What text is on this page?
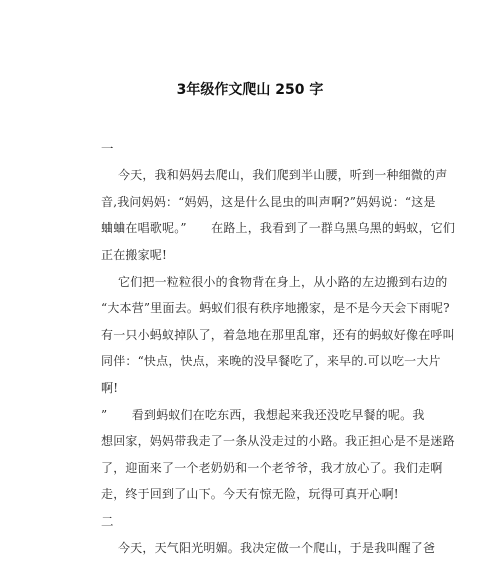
3年级作文爬山 250 字
一
今天，我和妈妈去爬山，我们爬到半山腰，听到一种细微的声
音,我问妈妈：“妈妈，这是什么昆虫的叫声啊?”妈妈说：“这是
蛐蛐在唱歌呢。”　　在路上，我看到了一群乌黑乌黑的蚂蚁，它们
正在搬家呢!
它们把一粒粒很小的食物背在身上，从小路的左边搬到右边的
“大本营”里面去。蚂蚁们很有秩序地搬家，是不是今天会下雨呢?
有一只小蚂蚁掉队了，着急地在那里乱窜，还有的蚂蚁好像在呼叫
同伴：“快点，快点，来晚的没早餐吃了，来早的.可以吃一大片
啊!
”　　看到蚂蚁们在吃东西，我想起来我还没吃早餐的呢。我
想回家，妈妈带我走了一条从没走过的小路。我正担心是不是迷路
了，迎面来了一个老奶奶和一个老爷爷，我才放心了。我们走啊
走，终于回到了山下。今天有惊无险，玩得可真开心啊!
二
今天，天气阳光明媚。我决定做一个爬山，于是我叫醒了爸
